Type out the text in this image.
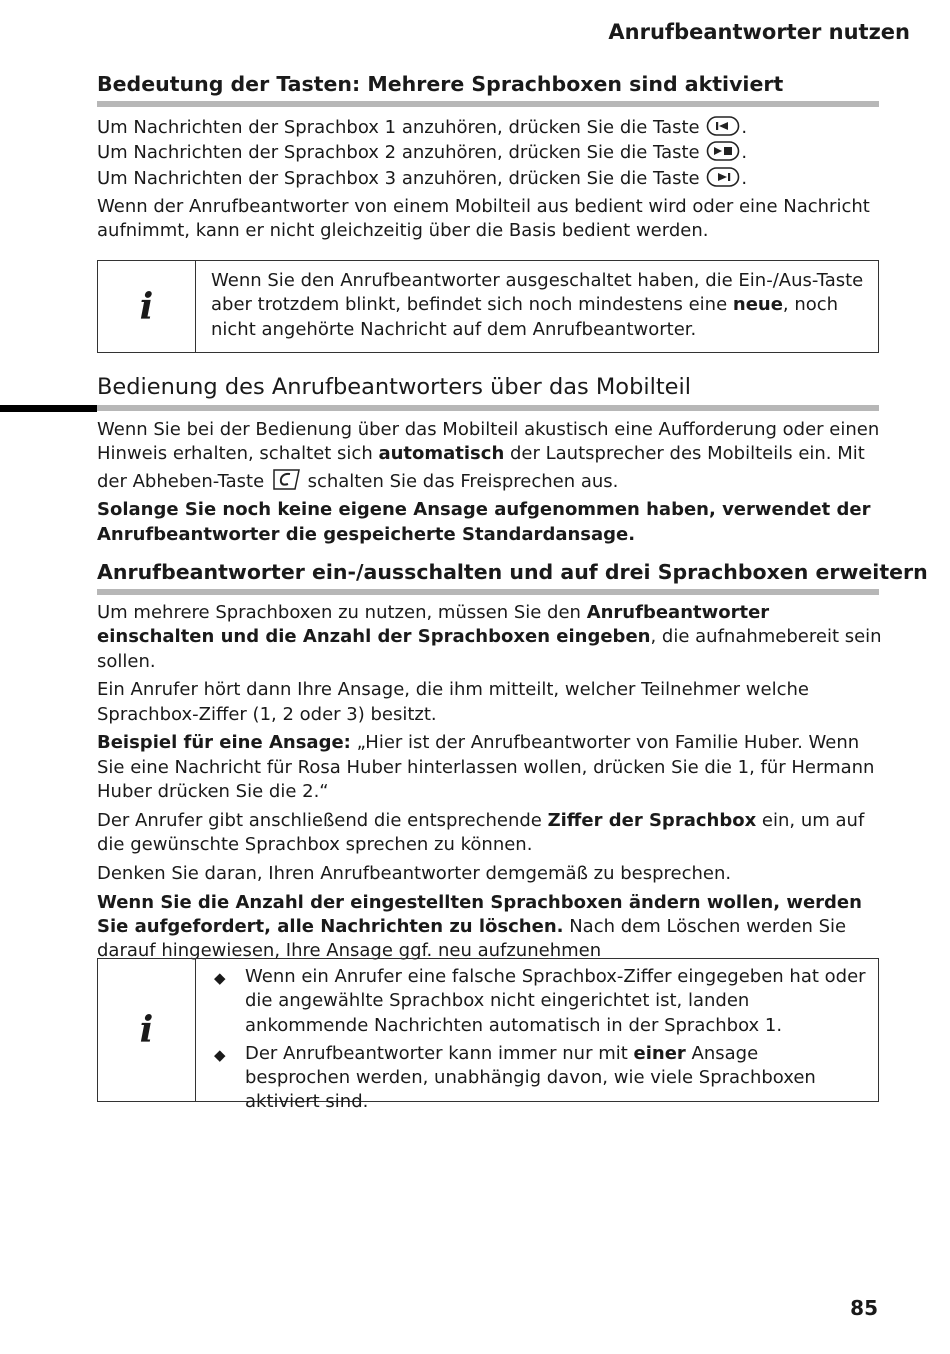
Anrufbeantworter nutzen
Bedeutung der Tasten: Mehrere Sprachboxen sind aktiviert
Um Nachrichten der Sprachbox 1 anzuhören, drücken Sie die Taste .
Um Nachrichten der Sprachbox 2 anzuhören, drücken Sie die Taste .
Um Nachrichten der Sprachbox 3 anzuhören, drücken Sie die Taste .

Wenn der Anrufbeantworter von einem Mobilteil aus bedient wird oder eine Nachricht aufnimmt, kann er nicht gleichzeitig über die Basis bedient werden.

i
Wenn Sie den Anrufbeantworter ausgeschaltet haben, die Ein-/Aus-Taste aber trotzdem blinkt, befindet sich noch mindestens eine neue, noch nicht angehörte Nachricht auf dem Anrufbeantworter.
Bedienung des Anrufbeantworters über das Mobilteil

Wenn Sie bei der Bedienung über das Mobilteil akustisch eine Aufforderung oder einen Hinweis erhalten, schaltet sich automatisch der Lautsprecher des Mobilteils ein. Mit der Abheben-Taste  schalten Sie das Freisprechen aus.

Solange Sie noch keine eigene Ansage aufgenommen haben, verwendet der Anrufbeantworter die gespeicherte Standardansage.

Anrufbeantworter ein-/ausschalten und auf drei Sprachboxen erweitern

Um mehrere Sprachboxen zu nutzen, müssen Sie den Anrufbeantworter einschalten und die Anzahl der Sprachboxen eingeben, die aufnahmebereit sein sollen.

Ein Anrufer hört dann Ihre Ansage, die ihm mitteilt, welcher Teilnehmer welche Sprachbox-Ziffer (1, 2 oder 3) besitzt.

Beispiel für eine Ansage: „Hier ist der Anrufbeantworter von Familie Huber. Wenn Sie eine Nachricht für Rosa Huber hinterlassen wollen, drücken Sie die 1, für Hermann Huber drücken Sie die 2.“

Der Anrufer gibt anschließend die entsprechende Ziffer der Sprachbox ein, um auf die gewünschte Sprachbox sprechen zu können.

Denken Sie daran, Ihren Anrufbeantworter demgemäß zu besprechen.

Wenn Sie die Anzahl der eingestellten Sprachboxen ändern wollen, werden Sie aufgefordert, alle Nachrichten zu löschen. Nach dem Löschen werden Sie darauf hingewiesen, Ihre Ansage ggf. neu aufzunehmen

i
◆ Wenn ein Anrufer eine falsche Sprachbox-Ziffer eingegeben hat oder die angewählte Sprachbox nicht eingerichtet ist, landen ankommende Nachrichten automatisch in der Sprachbox 1.
◆ Der Anrufbeantworter kann immer nur mit einer Ansage besprochen werden, unabhängig davon, wie viele Sprachboxen aktiviert sind.
85
